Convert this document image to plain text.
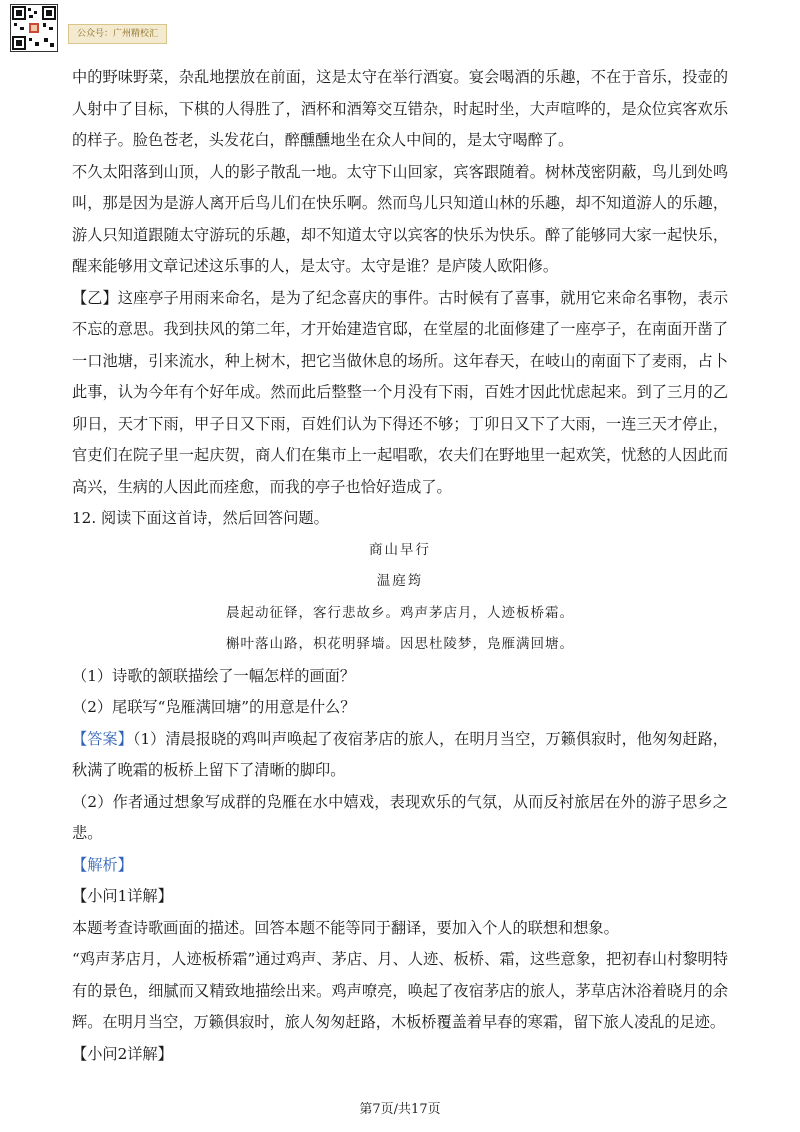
公众号：广州精校汇

中的野味野菜，杂乱地摆放在前面，这是太守在举行酒宴。宴会喝酒的乐趣，不在于音乐，投壶的人射中了目标，下棋的人得胜了，酒杯和酒筹交互错杂，时起时坐，大声喧哗的，是众位宾客欢乐的样子。脸色苍老，头发花白，醉醺醺地坐在众人中间的，是太守喝醉了。

不久太阳落到山顶，人的影子散乱一地。太守下山回家，宾客跟随着。树林茂密阴蔽，鸟儿到处鸣叫，那是因为是游人离开后鸟儿们在快乐啊。然而鸟儿只知道山林的乐趣，却不知道游人的乐趣，游人只知道跟随太守游玩的乐趣，却不知道太守以宾客的快乐为快乐。醉了能够同大家一起快乐，醒来能够用文章记述这乐事的人，是太守。太守是谁？是庐陵人欧阳修。

【乙】这座亭子用雨来命名，是为了纪念喜庆的事件。古时候有了喜事，就用它来命名事物，表示不忘的意思。我到扶风的第二年，才开始建造官邸，在堂屋的北面修建了一座亭子，在南面开凿了一口池塘，引来流水，种上树木，把它当做休息的场所。这年春天，在岐山的南面下了麦雨，占卜此事，认为今年有个好年成。然而此后整整一个月没有下雨，百姓才因此忧虑起来。到了三月的乙卯日，天才下雨，甲子日又下雨，百姓们认为下得还不够；丁卯日又下了大雨，一连三天才停止，官吏们在院子里一起庆贺，商人们在集市上一起唱歌，农夫们在野地里一起欢笑，忧愁的人因此而高兴，生病的人因此而痊愈，而我的亭子也恰好造成了。

12. 阅读下面这首诗，然后回答问题。

商山早行

温庭筠

晨起动征铎，客行悲故乡。鸡声茅店月，人迹板桥霜。

槲叶落山路，枳花明驿墙。因思杜陵梦，凫雁满回塘。

（1）诗歌的颔联描绘了一幅怎样的画面？

（2）尾联写“凫雁满回塘”的用意是什么？

【答案】（1）清晨报晓的鸡叫声唤起了夜宿茅店的旅人，在明月当空，万籁俱寂时，他匆匆赶路，秋满了晚霜的板桥上留下了清晰的脚印。

（2）作者通过想象写成群的凫雁在水中嬉戏，表现欢乐的气氛，从而反衬旅居在外的游子思乡之悲。

【解析】

【小问1详解】

本题考查诗歌画面的描述。回答本题不能等同于翻译，要加入个人的联想和想象。

“鸡声茅店月，人迹板桥霜”通过鸡声、茅店、月、人迹、板桥、霜，这些意象，把初春山村黎明特有的景色，细腻而又精致地描绘出来。鸡声嘹亮，唤起了夜宿茅店的旅人，茅草店沐浴着晓月的余辉。在明月当空，万籁俱寂时，旅人匆匆赶路，木板桥覆盖着早春的寒霜，留下旅人凌乱的足迹。

【小问2详解】

第7页/共17页
